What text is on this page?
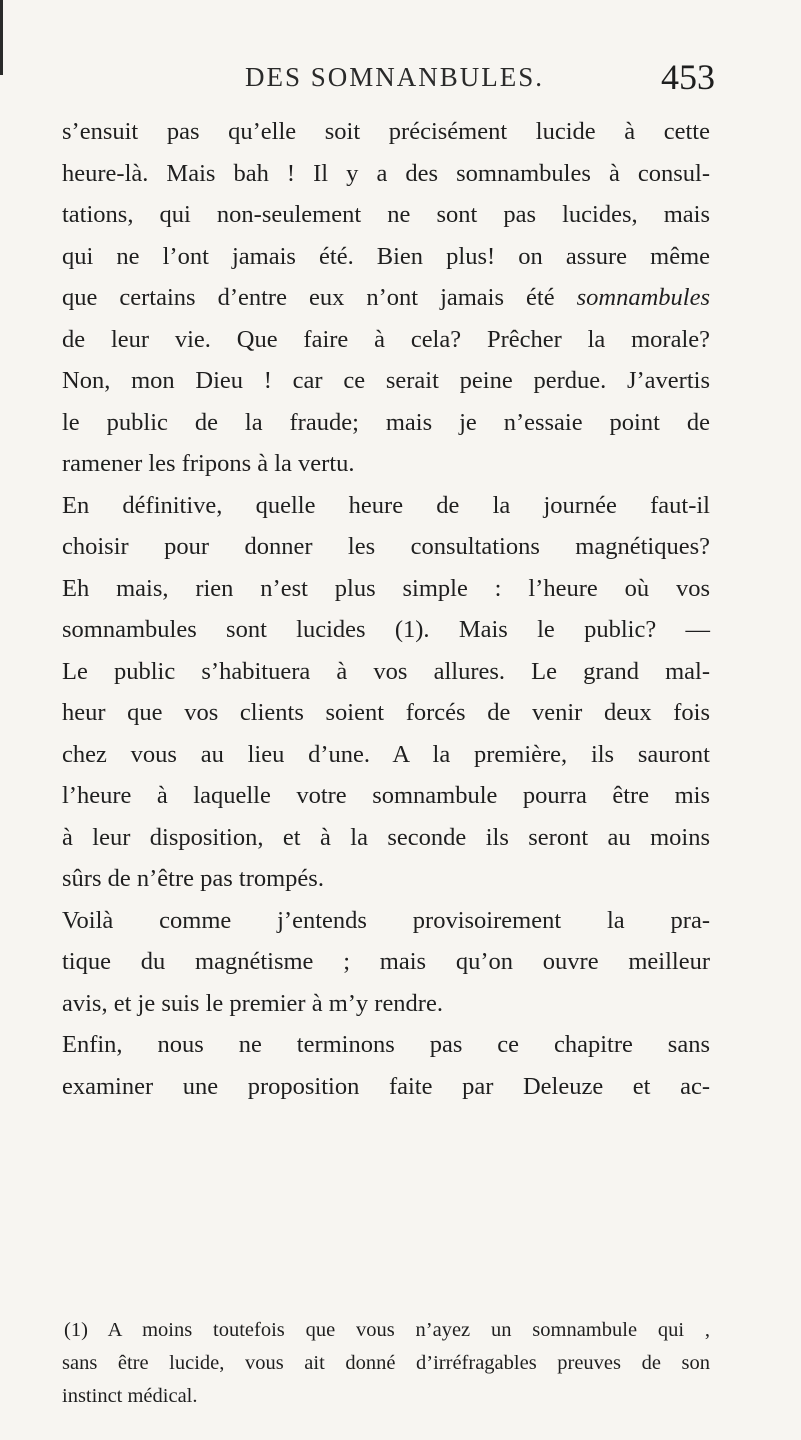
DES SOMNANBULES.	453
s’ensuit pas qu’elle soit précisément lucide à cette
heure-là. Mais bah ! Il y a des somnambules à consul-
tations, qui non-seulement ne sont pas lucides, mais
qui ne l’ont jamais été. Bien plus! on assure même
que certains d’entre eux n’ont jamais été somnambules
de leur vie. Que faire à cela? Prêcher la morale?
Non, mon Dieu ! car ce serait peine perdue. J’avertis
le public de la fraude; mais je n’essaie point de
ramener les fripons à la vertu.
En définitive, quelle heure de la journée faut-il
choisir pour donner les consultations magnétiques?
Eh mais, rien n’est plus simple : l’heure où vos
somnambules sont lucides (1). Mais le public? —
Le public s’habituera à vos allures. Le grand mal-
heur que vos clients soient forcés de venir deux fois
chez vous au lieu d’une. A la première, ils sauront
l’heure à laquelle votre somnambule pourra être mis
à leur disposition, et à la seconde ils seront au moins
sûrs de n’être pas trompés.
Voilà comme j’entends provisoirement la pra-
tique du magnétisme ; mais qu’on ouvre meilleur
avis, et je suis le premier à m’y rendre.
Enfin, nous ne terminons pas ce chapitre sans
examiner une proposition faite par Deleuze et ac-
(1) A moins toutefois que vous n’ayez un somnambule qui ,
sans être lucide, vous ait donné d’irréfragables preuves de son
instinct médical.
